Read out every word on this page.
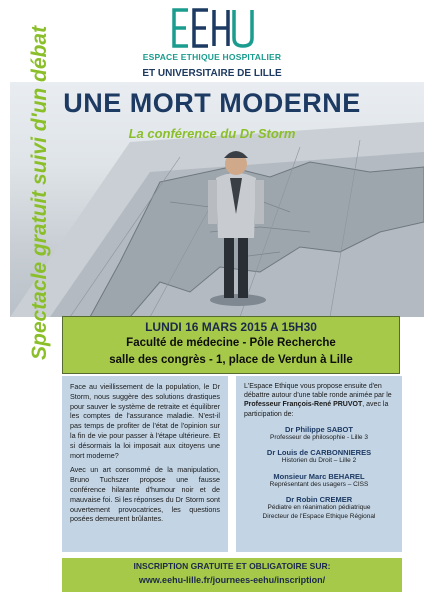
ESPACE ETHIQUE HOSPITALIER
ET UNIVERSITAIRE DE LILLE
UNE MORT MODERNE
La conférence du Dr Storm
Spectacle gratuit suivi d'un débat	LUNDI 16 MARS 2015 A 15H30
Faculté de médecine - Pôle Recherche
salle des congrès - 1, place de Verdun à Lille

Face au vieillissement de la population, le Dr Storm, nous suggère des solutions drastiques pour sauver le système de retraite et équilibrer les comptes de l'assurance maladie. N'est-il pas temps de profiter de l'état de l'opinion sur la fin de vie pour passer à l'étape ultérieure. Et si désormais la loi imposait aux citoyens une mort moderne?

Avec un art consommé de la manipulation, Bruno Tuchszer propose une fausse conférence hilarante d'humour noir et de mauvaise foi. Si les réponses du Dr Storm sont ouvertement provocatrices, les questions posées demeurent brûlantes.

L'Espace Ethique vous propose ensuite d'en débattre autour d'une table ronde animée par le Professeur François-René PRUVOT, avec la participation de:

Dr Philippe SABOT
Professeur de philosophie - Lille 3
Dr Louis de CARBONNIERES
Historien du Droit – Lille 2
Monsieur Marc BEHAREL
Représentant des usagers – CISS
Dr Robin CREMER
Pédiatre en réanimation pédiatrique
Directeur de l'Espace Ethique Régional
INSCRIPTION GRATUITE ET OBLIGATOIRE SUR:
www.eehu-lille.fr/journees-eehu/inscription/
